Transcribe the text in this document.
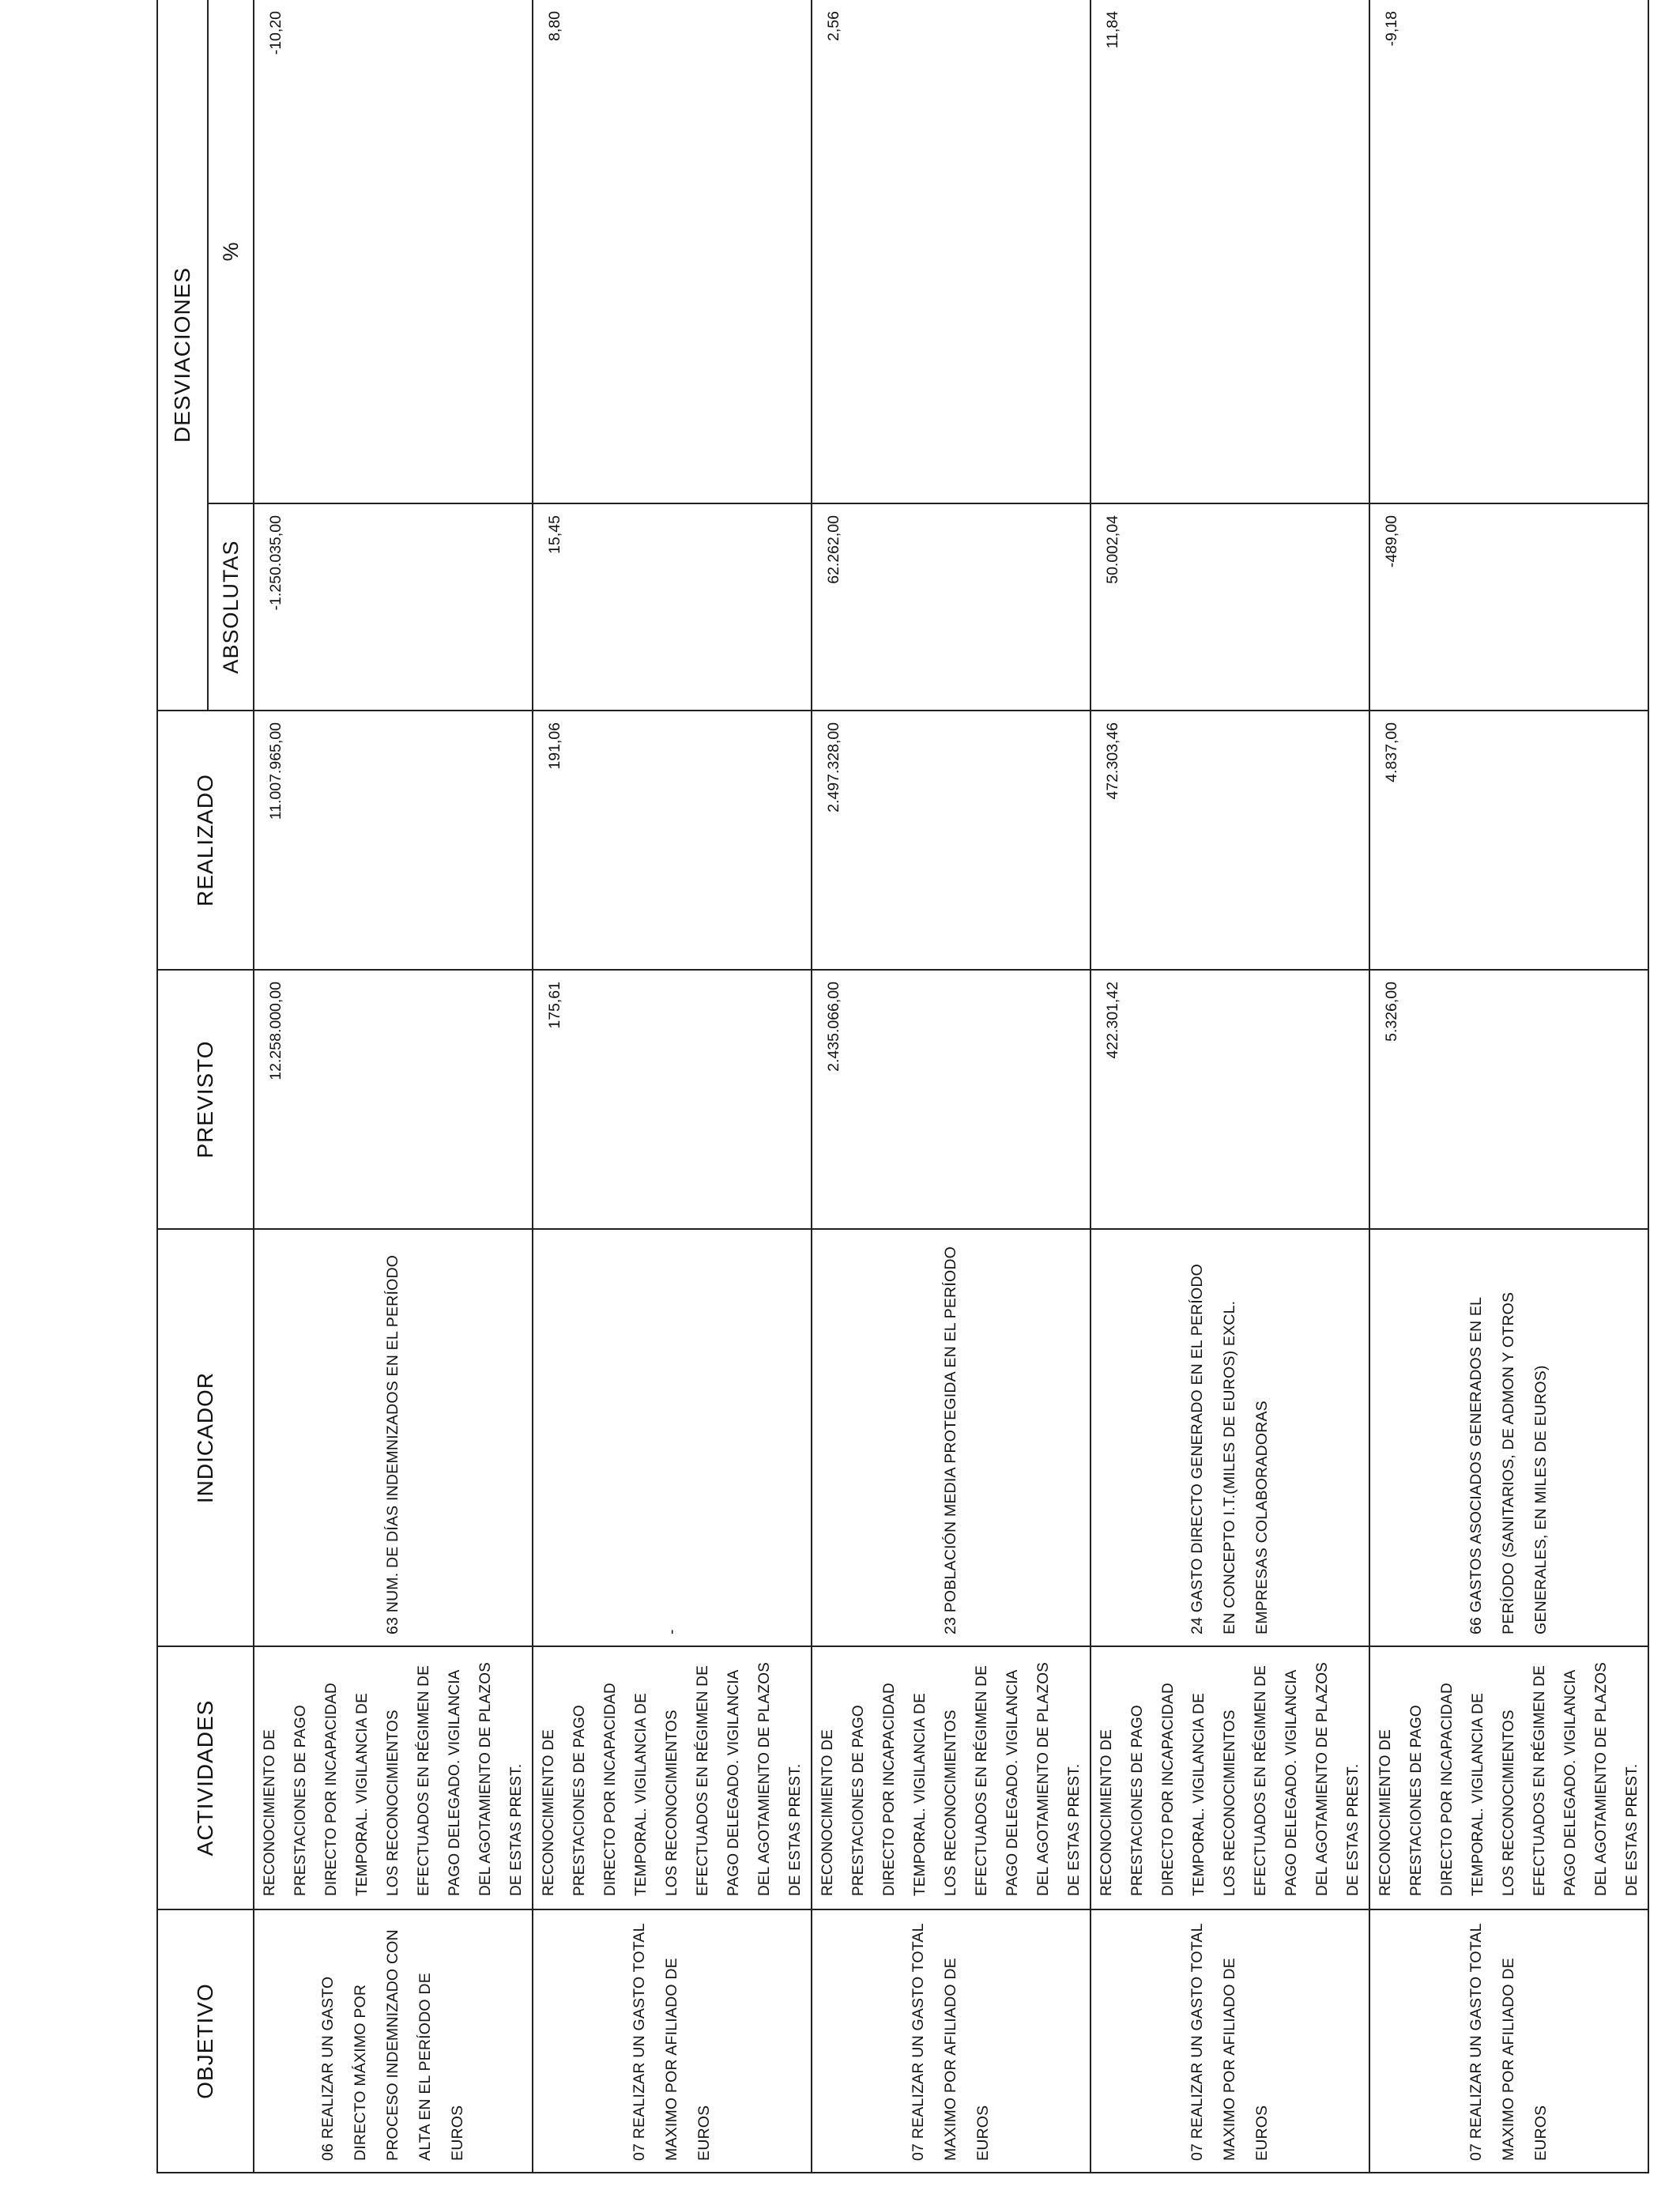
OBJETIVO	ACTIVIDADES	INDICADOR	PREVISTO	REALIZADO	DESVIACIONES	
					ABSOLUTAS	%
06 REALIZAR UN GASTO DIRECTO MÁXIMO POR PROCESO INDEMNIZADO CON ALTA EN EL PERÍODO DE EUROS	RECONOCIMIENTO DE PRESTACIONES DE PAGO DIRECTO POR INCAPACIDAD TEMPORAL. VIGILANCIA DE LOS RECONOCIMIENTOS EFECTUADOS EN RÉGIMEN DE PAGO DELEGADO. VIGILANCIA DEL AGOTAMIENTO DE PLAZOS DE ESTAS PREST.	63 NUM. DE DÍAS INDEMNIZADOS EN EL PERÍODO	12.258.000,00	11.007.965,00	-1.250.035,00	-10,20
07 REALIZAR UN GASTO TOTAL MAXIMO POR AFILIADO DE EUROS	RECONOCIMIENTO DE PRESTACIONES DE PAGO DIRECTO POR INCAPACIDAD TEMPORAL. VIGILANCIA DE LOS RECONOCIMIENTOS EFECTUADOS EN RÉGIMEN DE PAGO DELEGADO. VIGILANCIA DEL AGOTAMIENTO DE PLAZOS DE ESTAS PREST.	-	175,61	191,06	15,45	8,80
07 REALIZAR UN GASTO TOTAL MAXIMO POR AFILIADO DE EUROS	RECONOCIMIENTO DE PRESTACIONES DE PAGO DIRECTO POR INCAPACIDAD TEMPORAL. VIGILANCIA DE LOS RECONOCIMIENTOS EFECTUADOS EN RÉGIMEN DE PAGO DELEGADO. VIGILANCIA DEL AGOTAMIENTO DE PLAZOS DE ESTAS PREST.	23 POBLACIÓN MEDIA PROTEGIDA EN EL PERÍODO	2.435.066,00	2.497.328,00	62.262,00	2,56
07 REALIZAR UN GASTO TOTAL MAXIMO POR AFILIADO DE EUROS	RECONOCIMIENTO DE PRESTACIONES DE PAGO DIRECTO POR INCAPACIDAD TEMPORAL. VIGILANCIA DE LOS RECONOCIMIENTOS EFECTUADOS EN RÉGIMEN DE PAGO DELEGADO. VIGILANCIA DEL AGOTAMIENTO DE PLAZOS DE ESTAS PREST.	24 GASTO DIRECTO GENERADO EN EL PERÍODO EN CONCEPTO I.T.(MILES DE EUROS) EXCL. EMPRESAS COLABORADORAS	422.301,42	472.303,46	50.002,04	11,84
07 REALIZAR UN GASTO TOTAL MAXIMO POR AFILIADO DE EUROS	RECONOCIMIENTO DE PRESTACIONES DE PAGO DIRECTO POR INCAPACIDAD TEMPORAL. VIGILANCIA DE LOS RECONOCIMIENTOS EFECTUADOS EN RÉGIMEN DE PAGO DELEGADO. VIGILANCIA DEL AGOTAMIENTO DE PLAZOS DE ESTAS PREST.	66 GASTOS ASOCIADOS GENERADOS EN EL PERÍODO (SANITARIOS, DE ADMON Y OTROS GENERALES, EN MILES DE EUROS)	5.326,00	4.837,00	-489,00	-9,18
